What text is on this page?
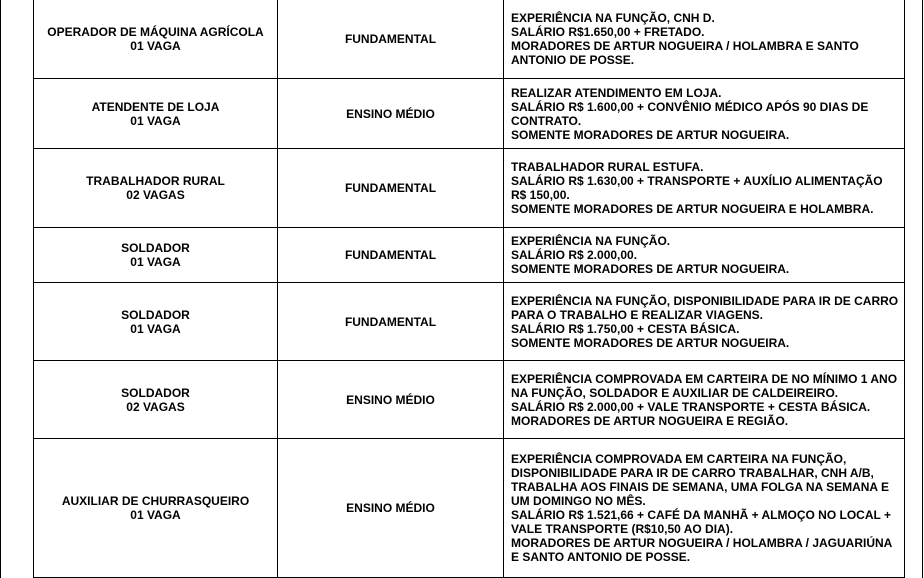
OPERADOR DE MÁQUINA AGRÍCOLA
01 VAGA	FUNDAMENTAL	EXPERIÊNCIA NA FUNÇÃO, CNH D.
SALÁRIO R$1.650,00 + FRETADO.
MORADORES DE ARTUR NOGUEIRA / HOLAMBRA E SANTO ANTONIO DE POSSE.

ATENDENTE DE LOJA
01 VAGA	ENSINO MÉDIO	REALIZAR ATENDIMENTO EM LOJA.
SALÁRIO R$ 1.600,00 + CONVÊNIO MÉDICO APÓS 90 DIAS DE CONTRATO.
SOMENTE MORADORES DE ARTUR NOGUEIRA.

TRABALHADOR RURAL
02 VAGAS	FUNDAMENTAL	TRABALHADOR RURAL ESTUFA.
SALÁRIO R$ 1.630,00 + TRANSPORTE + AUXÍLIO ALIMENTAÇÃO R$ 150,00.
SOMENTE MORADORES DE ARTUR NOGUEIRA E HOLAMBRA.

SOLDADOR
01 VAGA	FUNDAMENTAL	EXPERIÊNCIA NA FUNÇÃO.
SALÁRIO R$ 2.000,00.
SOMENTE MORADORES DE ARTUR NOGUEIRA.

SOLDADOR
01 VAGA	FUNDAMENTAL	EXPERIÊNCIA NA FUNÇÃO, DISPONIBILIDADE PARA IR DE CARRO PARA O TRABALHO E REALIZAR VIAGENS.
SALÁRIO R$ 1.750,00 + CESTA BÁSICA.
SOMENTE MORADORES DE ARTUR NOGUEIRA.

SOLDADOR
02 VAGAS	ENSINO MÉDIO	EXPERIÊNCIA COMPROVADA EM CARTEIRA DE NO MÍNIMO 1 ANO NA FUNÇÃO, SOLDADOR E AUXILIAR DE CALDEIREIRO.
SALÁRIO R$ 2.000,00 + VALE TRANSPORTE + CESTA BÁSICA.
MORADORES DE ARTUR NOGUEIRA E REGIÃO.

AUXILIAR DE CHURRASQUEIRO
01 VAGA	ENSINO MÉDIO	EXPERIÊNCIA COMPROVADA EM CARTEIRA NA FUNÇÃO, DISPONIBILIDADE PARA IR DE CARRO TRABALHAR, CNH A/B, TRABALHA AOS FINAIS DE SEMANA, UMA FOLGA NA SEMANA E UM DOMINGO NO MÊS.
SALÁRIO R$ 1.521,66 + CAFÉ DA MANHÃ + ALMOÇO NO LOCAL + VALE TRANSPORTE (R$10,50 AO DIA).
MORADORES DE ARTUR NOGUEIRA / HOLAMBRA / JAGUARIÚNA E SANTO ANTONIO DE POSSE.
